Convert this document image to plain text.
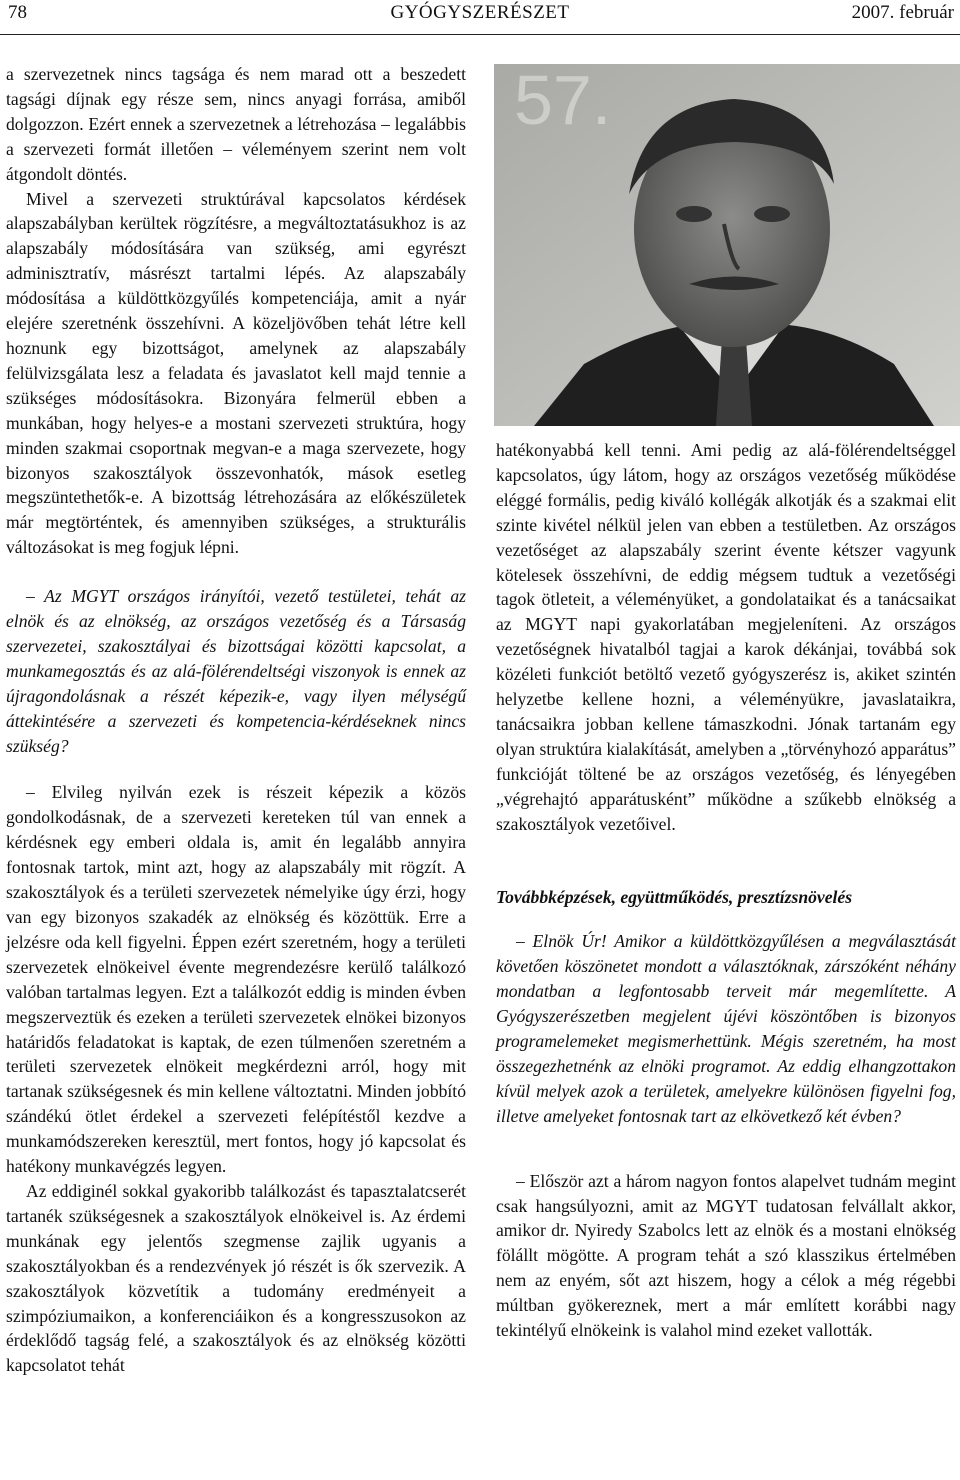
78	GYÓGYSZERÉSZET	2007. február

a szervezetnek nincs tagsága és nem marad ott a beszedett tagsági díjnak egy része sem, nincs anyagi forrása, amiből dolgozzon. Ezért ennek a szervezetnek a létrehozása – legalábbis a szervezeti formát illetően – véleményem szerint nem volt átgondolt döntés.

Mivel a szervezeti struktúrával kapcsolatos kérdések alapszabályban kerültek rögzítésre, a megváltoztatásukhoz is az alapszabály módosítására van szükség, ami egyrészt adminisztratív, másrészt tartalmi lépés. Az alapszabály módosítása a küldöttközgyűlés kompetenciája, amit a nyár elejére szeretnénk összehívni. A közeljövőben tehát létre kell hoznunk egy bizottságot, amelynek az alapszabály felülvizsgálata lesz a feladata és javaslatot kell majd tennie a szükséges módosításokra. Bizonyára felmerül ebben a munkában, hogy helyes-e a mostani szervezeti struktúra, hogy minden szakmai csoportnak megvan-e a maga szervezete, hogy bizonyos szakosztályok összevonhatók, mások esetleg megszüntethetők-e. A bizottság létrehozására az előkészületek már megtörténtek, és amennyiben szükséges, a strukturális változásokat is meg fogjuk lépni.

– Az MGYT országos irányítói, vezető testületei, tehát az elnök és az elnökség, az országos vezetőség és a Társaság szervezetei, szakosztályai és bizottságai közötti kapcsolat, a munkamegosztás és az alá-fölérendeltségi viszonyok is ennek az újragondolásnak a részét képezik-e, vagy ilyen mélységű áttekintésére a szervezeti és kompetencia-kérdéseknek nincs szükség?

– Elvileg nyilván ezek is részeit képezik a közös gondolkodásnak, de a szervezeti kereteken túl van ennek a kérdésnek egy emberi oldala is, amit én legalább annyira fontosnak tartok, mint azt, hogy az alapszabály mit rögzít. A szakosztályok és a területi szervezetek némelyike úgy érzi, hogy van egy bizonyos szakadék az elnökség és közöttük. Erre a jelzésre oda kell figyelni. Éppen ezért szeretném, hogy a területi szervezetek elnökeivel évente megrendezésre kerülő találkozó valóban tartalmas legyen. Ezt a találkozót eddig is minden évben megszerveztük és ezeken a területi szervezetek elnökei bizonyos határidős feladatokat is kaptak, de ezen túlmenően szeretném a területi szervezetek elnökeit megkérdezni arról, hogy mit tartanak szükségesnek és min kellene változtatni. Minden jobbító szándékú ötlet érdekel a szervezeti felépítéstől kezdve a munkamódszereken keresztül, mert fontos, hogy jó kapcsolat és hatékony munkavégzés legyen.

Az eddiginél sokkal gyakoribb találkozást és tapasztalatcserét tartanék szükségesnek a szakosztályok elnökeivel is. Az érdemi munkának egy jelentős szegmense zajlik ugyanis a szakosztályokban és a rendezvények jó részét is ők szervezik. A szakosztályok közvetítik a tudomány eredményeit a szimpóziumaikon, a konferenciáikon és a kongresszusokon az érdeklődő tagság felé, a szakosztályok és az elnökség közötti kapcsolatot tehát

57.

hatékonyabbá kell tenni. Ami pedig az alá-fölérendeltséggel kapcsolatos, úgy látom, hogy az országos vezetőség működése eléggé formális, pedig kiváló kollégák alkotják és a szakmai elit szinte kivétel nélkül jelen van ebben a testületben. Az országos vezetőséget az alapszabály szerint évente kétszer vagyunk kötelesek összehívni, de eddig mégsem tudtuk a vezetőségi tagok ötleteit, a véleményüket, a gondolataikat és a tanácsaikat az MGYT napi gyakorlatában megjeleníteni. Az országos vezetőségnek hivatalból tagjai a karok dékánjai, továbbá sok közéleti funkciót betöltő vezető gyógyszerész is, akiket szintén helyzetbe kellene hozni, a véleményükre, javaslataikra, tanácsaikra jobban kellene támaszkodni. Jónak tartanám egy olyan struktúra kialakítását, amelyben a „törvényhozó apparátus” funkcióját töltené be az országos vezetőség, és lényegében „végrehajtó apparátusként” működne a szűkebb elnökség a szakosztályok vezetőivel.

Továbbképzések, együttműködés, presztízsnövelés

– Elnök Úr! Amikor a küldöttközgyűlésen a megválasztását követően köszönetet mondott a választóknak, zárszóként néhány mondatban a legfontosabb terveit már megemlítette. A Gyógyszerészetben megjelent újévi köszöntőben is bizonyos programelemeket megismerhettünk. Mégis szeretném, ha most összegezhetnénk az elnöki programot. Az eddig elhangzottakon kívül melyek azok a területek, amelyekre különösen figyelni fog, illetve amelyeket fontosnak tart az elkövetkező két évben?

– Először azt a három nagyon fontos alapelvet tudnám megint csak hangsúlyozni, amit az MGYT tudatosan felvállalt akkor, amikor dr. Nyiredy Szabolcs lett az elnök és a mostani elnökség fölállt mögötte. A program tehát a szó klasszikus értelmében nem az enyém, sőt azt hiszem, hogy a célok a még régebbi múltban gyökereznek, mert a már említett korábbi nagy tekintélyű elnökeink is valahol mind ezeket vallották.
